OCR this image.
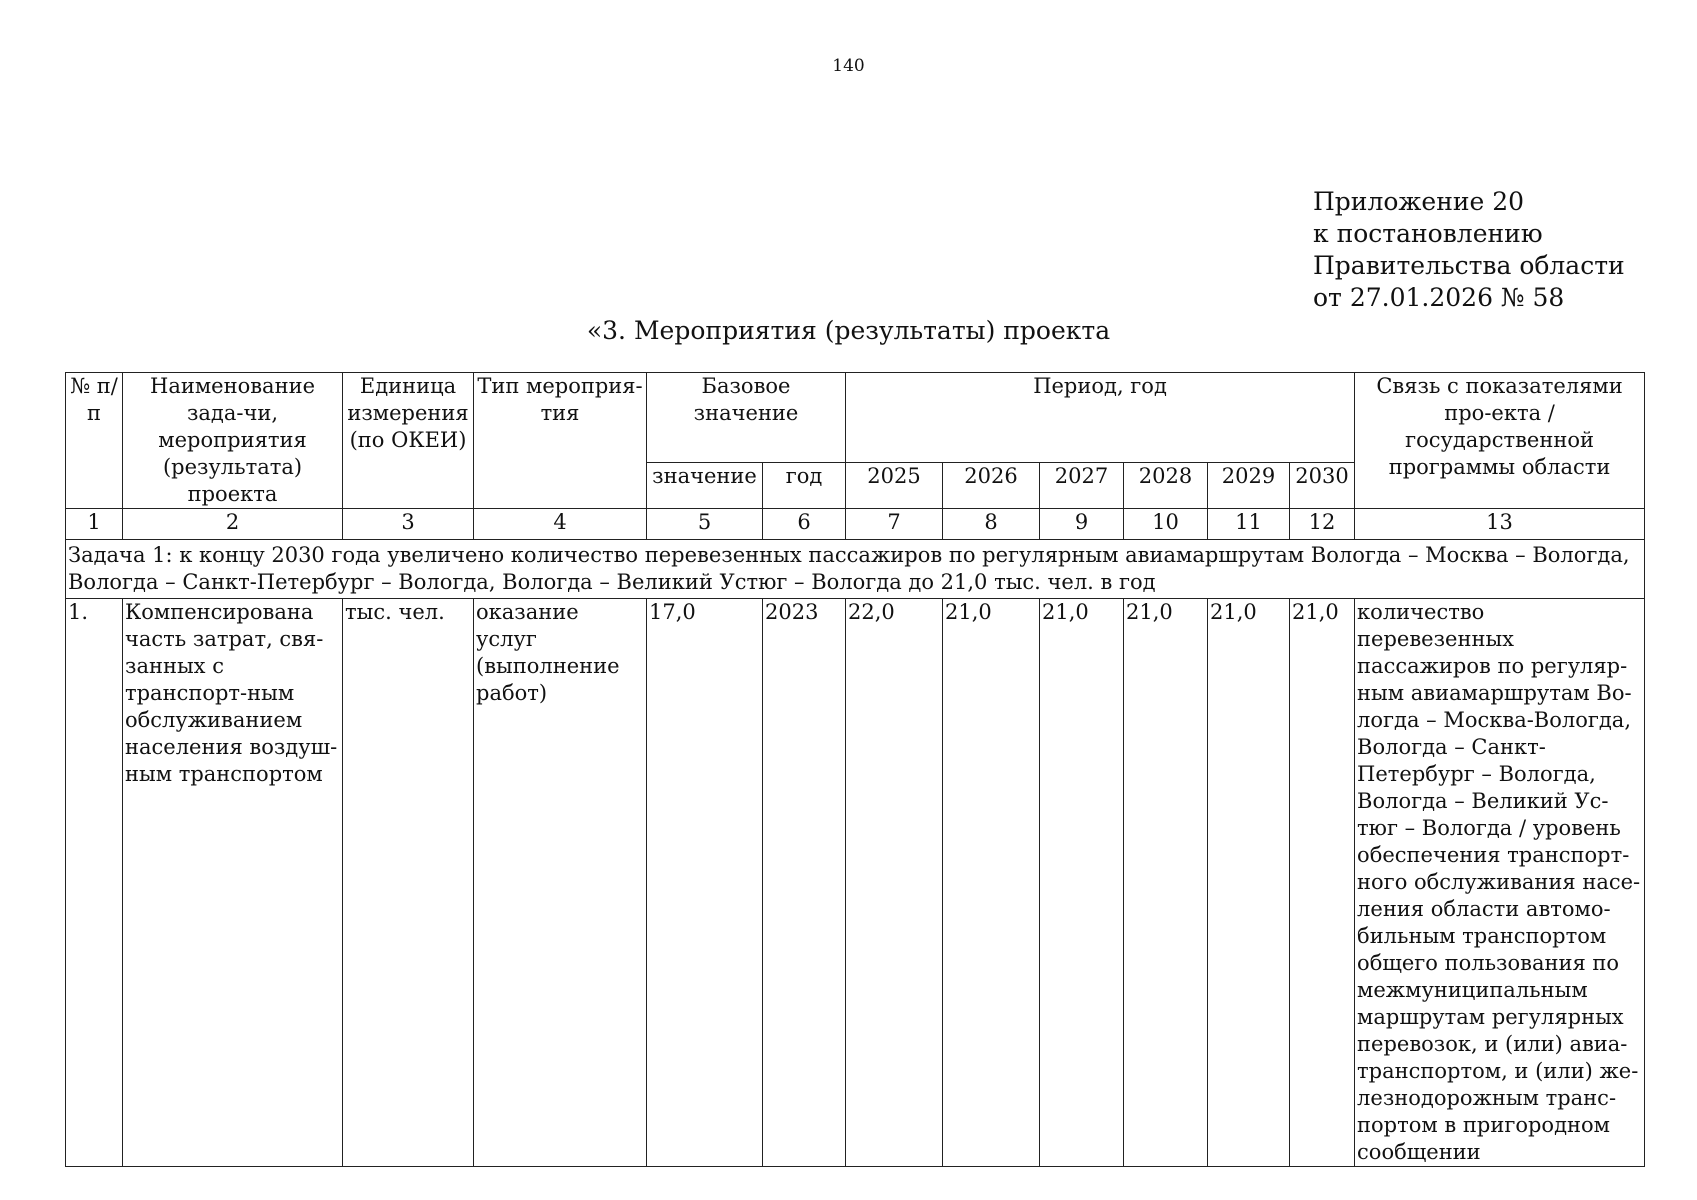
140
Приложение 20
к постановлению
Правительства области
от 27.01.2026 № 58
«3. Мероприятия (результаты) проекта
№ п/п	Наименование зада-чи, мероприятия (результата) проекта	Единица измерения (по ОКЕИ)	Тип мероприя-тия	Базовое значение		Период, год						Связь с показателями про-екта / государственной программы области
				значение	год	2025	2026	2027	2028	2029	2030	
1	2	3	4	5	6	7	8	9	10	11	12	13
Задача 1: к концу 2030 года увеличено количество перевезенных пассажиров по регулярным авиамаршрутам Вологда – Москва – Вологда, Вологда – Санкт-Петербург – Вологда, Вологда – Великий Устюг – Вологда до 21,0 тыс. чел. в год												
1.	Компенсирована часть затрат, свя-занных с транспорт-ным обслуживанием населения воздуш-ным транспортом	тыс. чел.	оказание услуг (выполнение работ)	17,0	2023	22,0	21,0	21,0	21,0	21,0	21,0	количество перевезенных пассажиров по регуляр-ным авиамаршрутам Во-логда – Москва-Вологда, Вологда – Санкт-Петербург – Вологда, Вологда – Великий Ус-тюг – Вологда / уровень обеспечения транспорт-ного обслуживания насе-ления области автомо-бильным транспортом общего пользования по межмуниципальным маршрутам регулярных перевозок, и (или) авиа-транспортом, и (или) же-лезнодорожным транс-портом в пригородном сообщении
